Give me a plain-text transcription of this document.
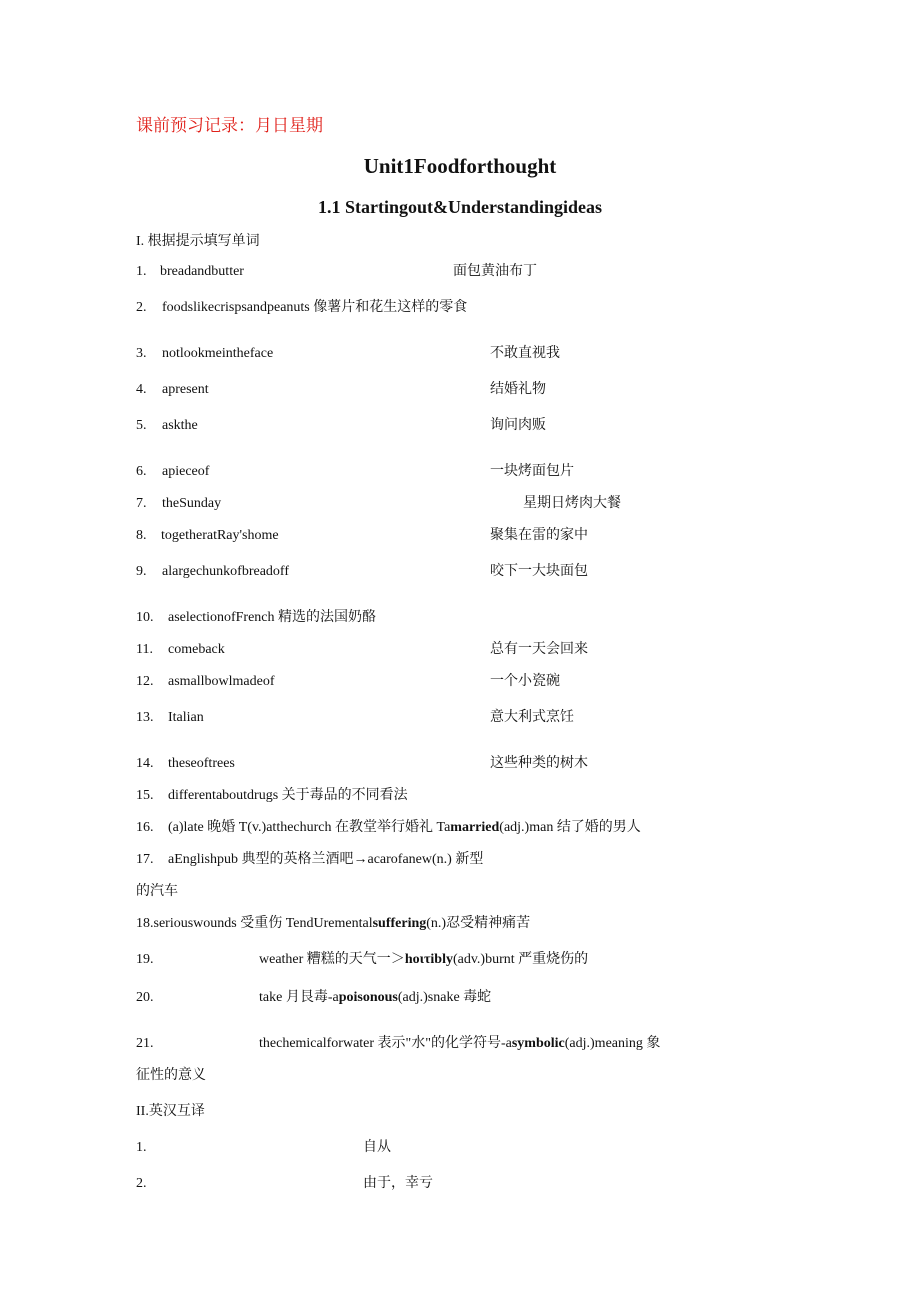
课前预习记录：月日星期
Unit1Foodforthought
1.1 Startingout&Understandingideas
I. 根据提示填写单词
1. breadandbutter	面包黄油布丁
2. foodslikecrispsandpeanuts 像薯片和花生这样的零食
3. notlookmeintheface	不敢直视我
4. apresent	结婚礼物
5. askthe	询问肉贩
6. apieceof	一块烤面包片
7. theSunday	星期日烤肉大餐
8. togetheratRay'shome	聚集在雷的家中
9. alargechunkofbreadoff	咬下一大块面包
10. aselectionofFrench 精选的法国奶酪
11. comeback	总有一天会回来
12. asmallbowlmadeof	一个小瓷碗
13. Italian	意大利式烹饪
14. theseoftrees	这些种类的树木
15. differentaboutdrugs 关于毒品的不同看法
16. (a)late 晚婚 T(v.)atthechurch 在教堂举行婚礼 Tamarried(adj.)man 结了婚的男人
17. aEnglishpub 典型的英格兰酒吧→acarofanew(n.) 新型
的汽车
18.seriouswounds 受重伤 TendUrementalsuffering(n.)忍受精神痛苦
19.	weather 糟糕的天气一＞hoιτibly(adv.)burnt 严重烧伤的
20.	take 月艮毒-apoisonous(adj.)snake 毒蛇
21.	thechemicalforwater 表示"水"的化学符号-asymbolic(adj.)meaning 象
征性的意义
II.英汉互译
1.	自从
2.	由于，幸亏
